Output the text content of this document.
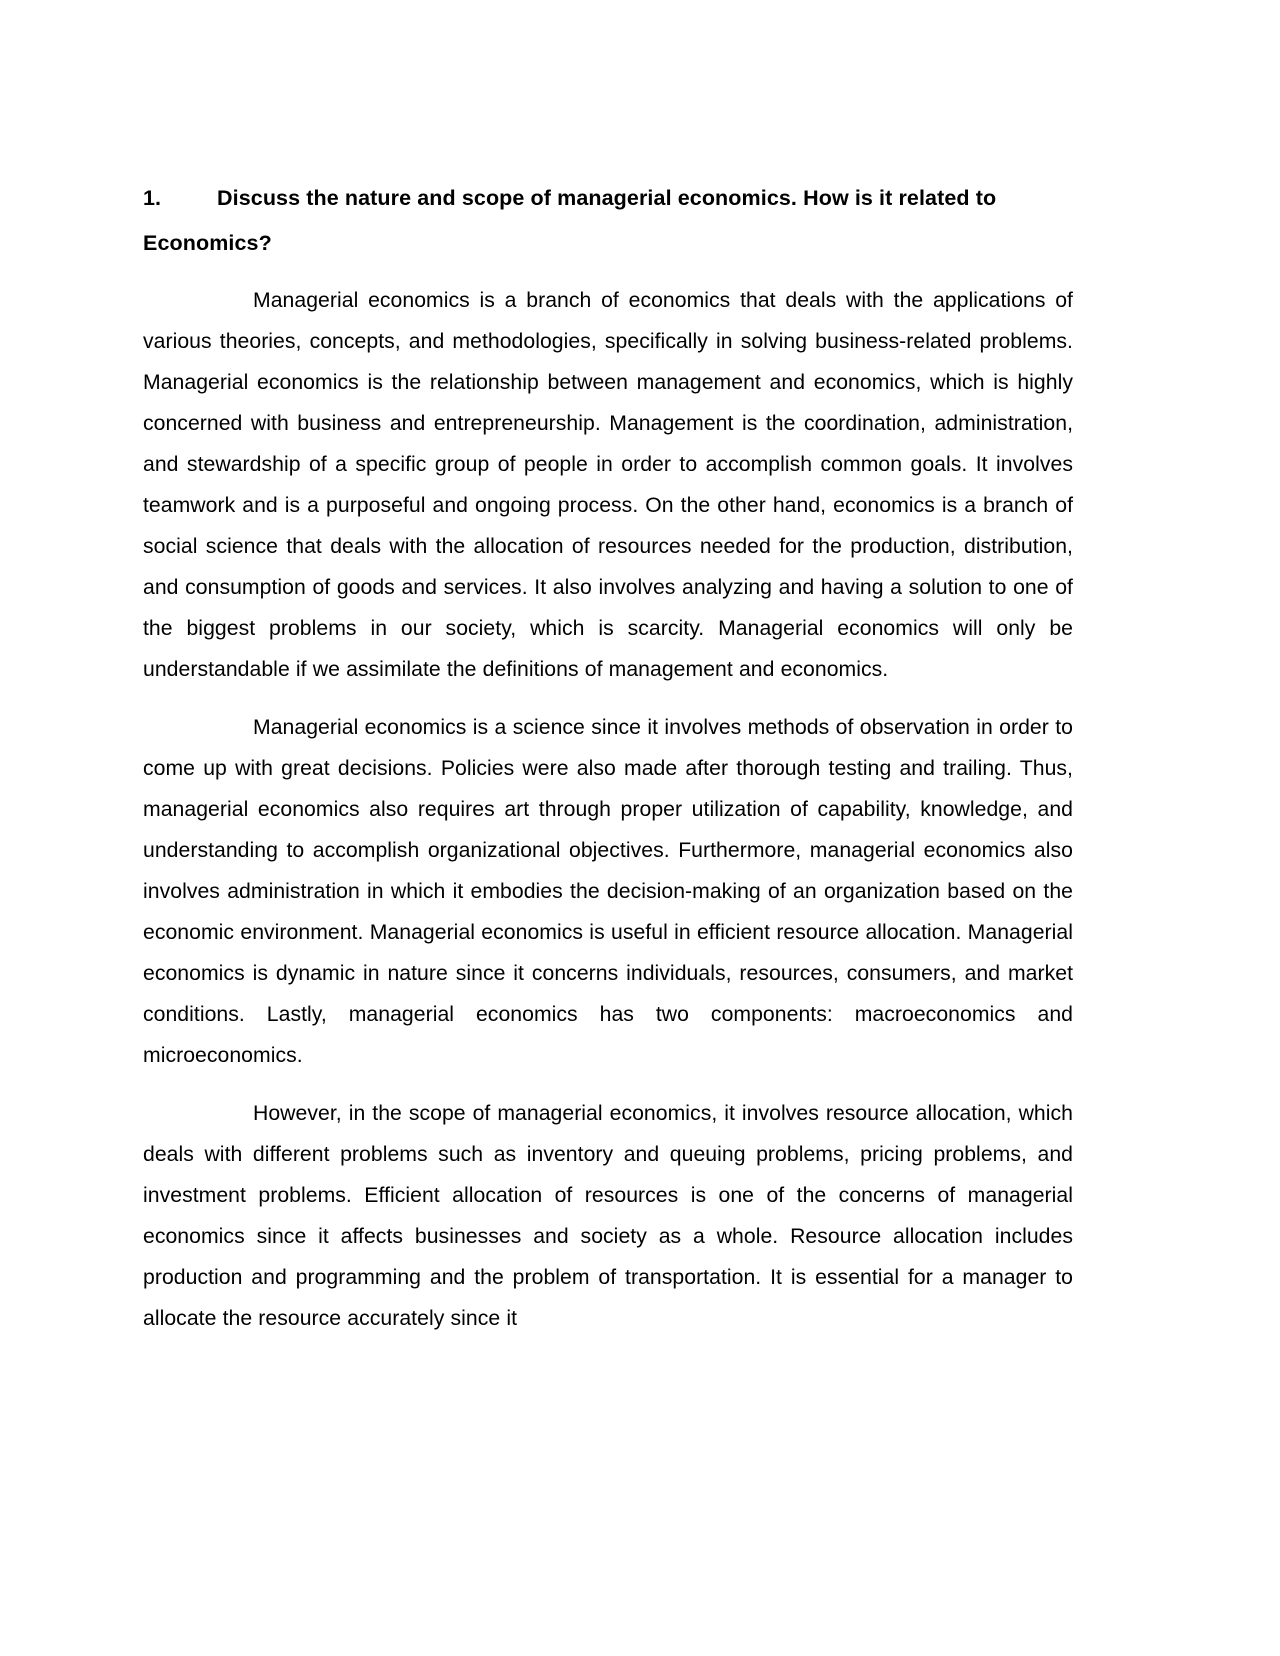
1.	Discuss the nature and scope of managerial economics. How is it related to Economics?

Managerial economics is a branch of economics that deals with the applications of various theories, concepts, and methodologies, specifically in solving business-related problems. Managerial economics is the relationship between management and economics, which is highly concerned with business and entrepreneurship. Management is the coordination, administration, and stewardship of a specific group of people in order to accomplish common goals. It involves teamwork and is a purposeful and ongoing process. On the other hand, economics is a branch of social science that deals with the allocation of resources needed for the production, distribution, and consumption of goods and services. It also involves analyzing and having a solution to one of the biggest problems in our society, which is scarcity. Managerial economics will only be understandable if we assimilate the definitions of management and economics.

Managerial economics is a science since it involves methods of observation in order to come up with great decisions. Policies were also made after thorough testing and trailing. Thus, managerial economics also requires art through proper utilization of capability, knowledge, and understanding to accomplish organizational objectives. Furthermore, managerial economics also involves administration in which it embodies the decision-making of an organization based on the economic environment. Managerial economics is useful in efficient resource allocation. Managerial economics is dynamic in nature since it concerns individuals, resources, consumers, and market conditions. Lastly, managerial economics has two components: macroeconomics and microeconomics.

However, in the scope of managerial economics, it involves resource allocation, which deals with different problems such as inventory and queuing problems, pricing problems, and investment problems. Efficient allocation of resources is one of the concerns of managerial economics since it affects businesses and society as a whole. Resource allocation includes production and programming and the problem of transportation. It is essential for a manager to allocate the resource accurately since it
